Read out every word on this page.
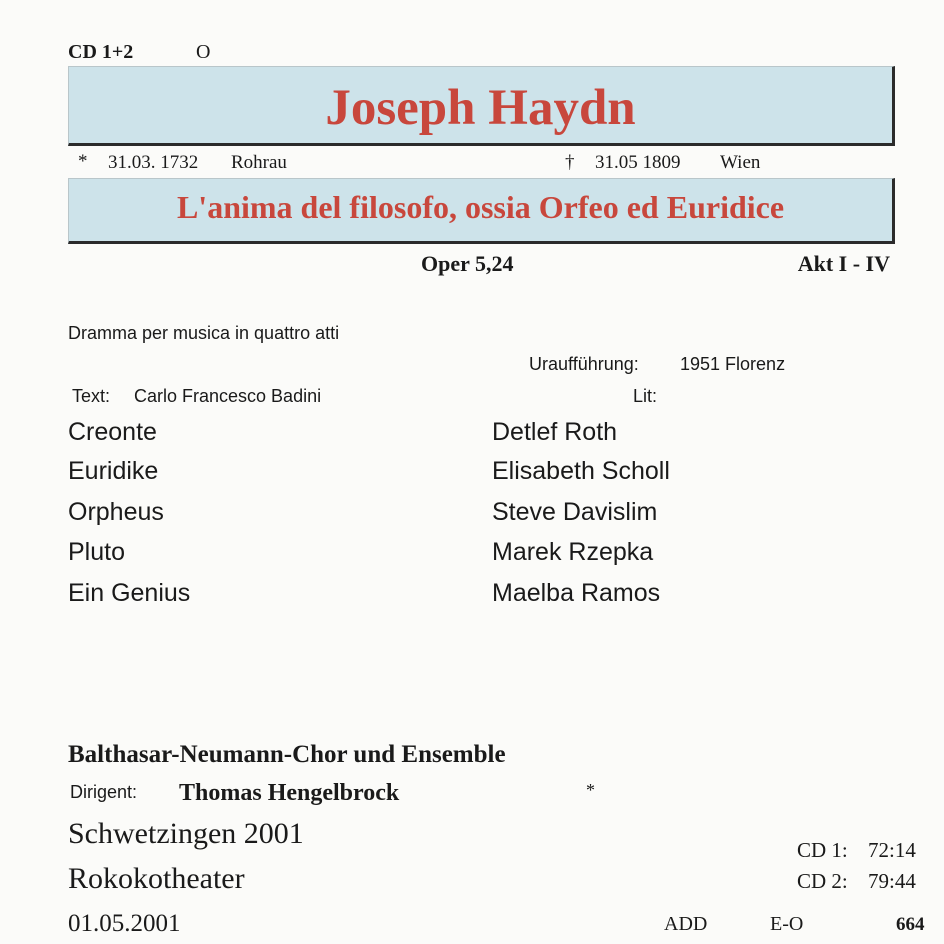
CD 1+2	O
Joseph Haydn
* 31.03. 1732 Rohrau	† 31.05 1809 Wien
L'anima del filosofo, ossia Orfeo ed Euridice
Oper 5,24	Akt I - IV
Dramma per musica in quattro atti
Uraufführung: 1951 Florenz
Text: Carlo Francesco Badini	Lit:
Creonte	Detlef Roth
Euridike	Elisabeth Scholl
Orpheus	Steve Davislim
Pluto	Marek Rzepka
Ein Genius	Maelba Ramos
Balthasar-Neumann-Chor und Ensemble
Dirigent: Thomas Hengelbrock	*
Schwetzingen 2001
Rokokotheater
01.05.2001
CD 1: 72:14
CD 2: 79:44
ADD	E-O	664
